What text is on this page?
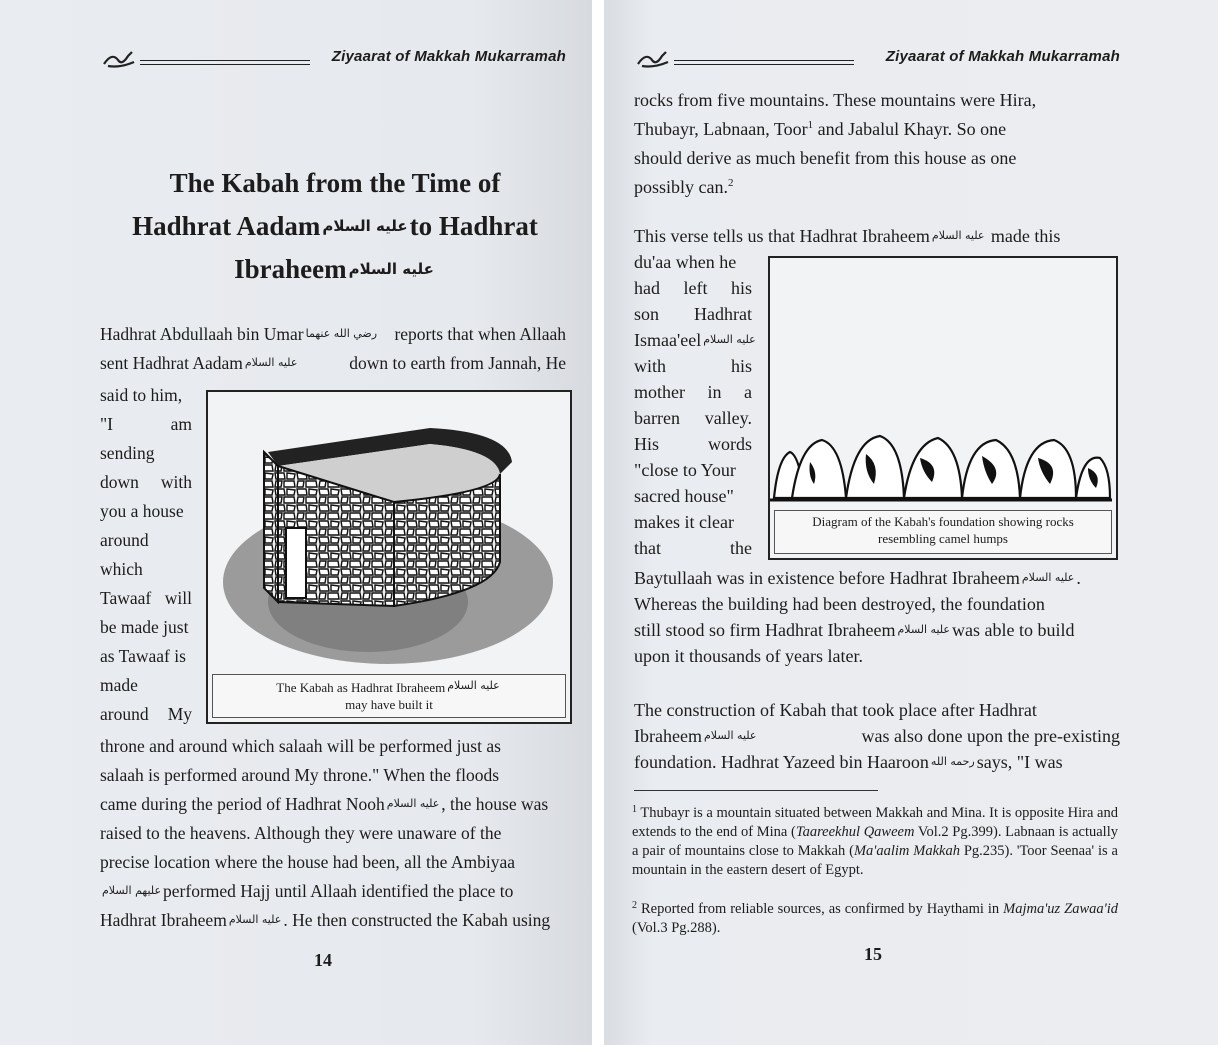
Ziyaarat of Makkah Mukarramah	Ziyaarat of Makkah Mukarramah
The Kabah from the Time of
Hadhrat Aadam عليه السلامto Hadhrat
Ibraheem عليه السلام
Hadhrat Abdullaah bin Umar رضي الله عنهما reports that when Allaah
sent Hadhrat Aadam عليه السلام	down to earth from Jannah, He
said to him,
"I	am
sending
down with
you a house
around
which
Tawaaf will
be made just
as Tawaaf is
made
around My
The Kabah as Hadhrat Ibraheem $^{عليه السلام}$
may have built it
throne and around which salaah will be performed just as
salaah is performed around My throne." When the floods
came during the period of Hadhrat Nooh عليه السلام , the house was
raised to the heavens. Although they were unaware of the
precise location where the house had been, all the Ambiyaa
عليهم السلام performed Hajj until Allaah identified the place to
Hadhrat Ibraheem عليه السلام . He then constructed the Kabah using
14
rocks from five mountains. These mountains were Hira,
Thubayr, Labnaan, Toor$^1$ and Jabalul Khayr. So one
should derive as much benefit from this house as one
possibly can.$^2$
This verse tells us that Hadhrat Ibraheem عليه السلام made this
du'aa when he
had left his
son Hadhrat
Ismaa'eel عليه السلام
with	his
mother in a
barren valley.
His	words
"close to Your
sacred house"
makes it clear
that	the
Diagram of the Kabah's foundation showing rocks
resembling camel humps
Baytullaah was in existence before Hadhrat Ibraheem عليه السلام .
Whereas the building had been destroyed, the foundation
still stood so firm Hadhrat Ibraheem عليه السلام was able to build
upon it thousands of years later.
The construction of Kabah that took place after Hadhrat
Ibraheem عليه السلام	was also done upon the pre-existing
foundation. Hadhrat Yazeed bin Haaroon رحمه الله says, "I was
$^1$ Thubayr is a mountain situated between Makkah and Mina. It is opposite Hira and extends to the end of Mina (Taareekhul Qaweem Vol.2 Pg.399). Labnaan is actually a pair of mountains close to Makkah (Ma'aalim Makkah Pg.235). 'Toor Seenaa' is a mountain in the eastern desert of Egypt.
$^2$ Reported from reliable sources, as confirmed by Haythami in Majma'uz Zawaa'id (Vol.3 Pg.288).
15
